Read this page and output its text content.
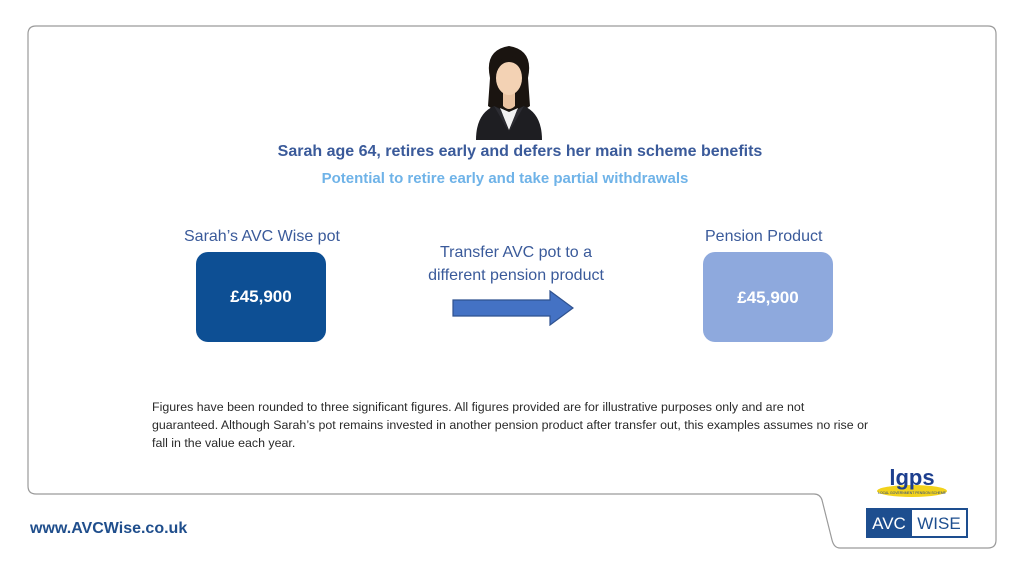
Sarah age 64, retires early and defers her main scheme benefits
Potential to retire early and take partial withdrawals
Sarah’s AVC Wise pot
£45,900
Transfer AVC pot to a
different pension product
Pension Product
£45,900
Figures have been rounded to three significant figures. All figures provided are for illustrative purposes only and are not guaranteed. Although Sarah’s pot remains invested in another pension product after transfer out, this examples assumes no rise or fall in the value each year.
www.AVCWise.co.uk
lgps
LOCAL GOVERNMENT PENSION SCHEME
AVC WISE
